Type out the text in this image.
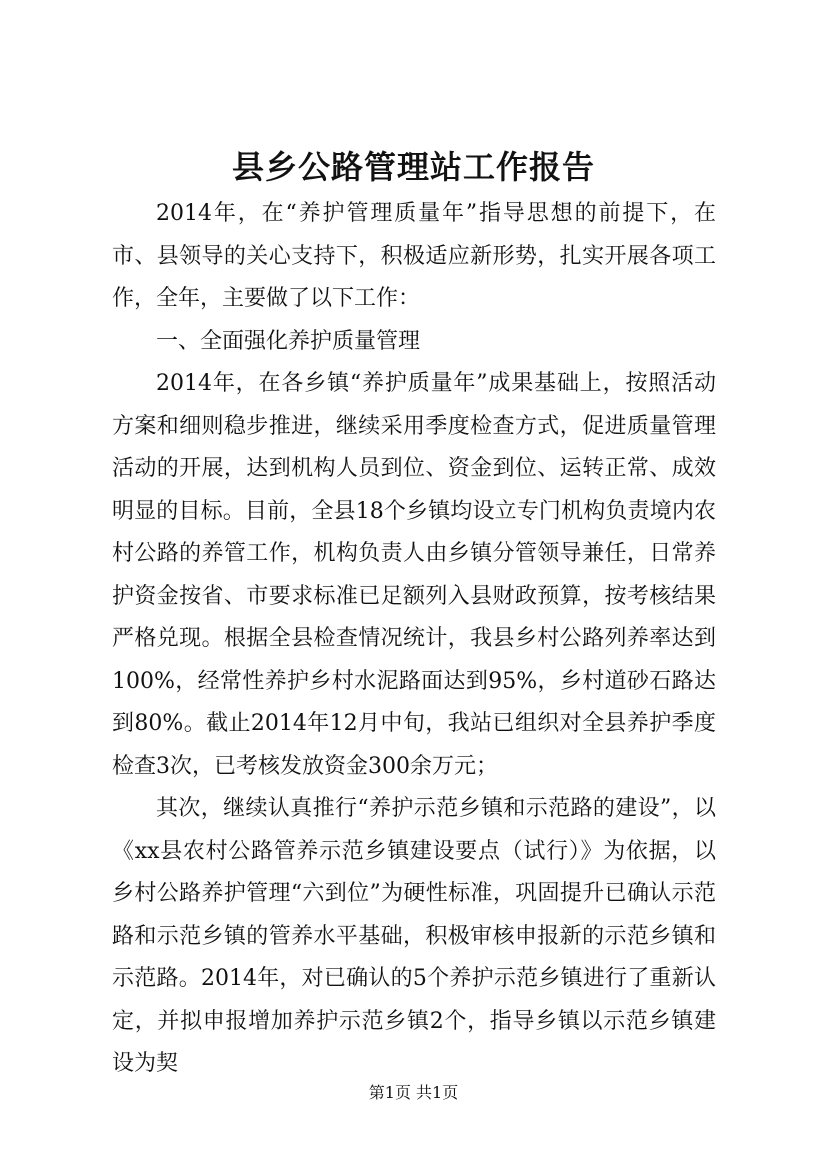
县乡公路管理站工作报告

2014年，在“养护管理质量年”指导思想的前提下，在市、县领导的关心支持下，积极适应新形势，扎实开展各项工作，全年，主要做了以下工作：

一、全面强化养护质量管理

2014年，在各乡镇“养护质量年”成果基础上，按照活动方案和细则稳步推进，继续采用季度检查方式，促进质量管理活动的开展，达到机构人员到位、资金到位、运转正常、成效明显的目标。目前，全县18个乡镇均设立专门机构负责境内农村公路的养管工作，机构负责人由乡镇分管领导兼任，日常养护资金按省、市要求标准已足额列入县财政预算，按考核结果严格兑现。根据全县检查情况统计，我县乡村公路列养率达到100%，经常性养护乡村水泥路面达到95%，乡村道砂石路达到80%。截止2014年12月中旬，我站已组织对全县养护季度检查3次，已考核发放资金300余万元；

其次，继续认真推行“养护示范乡镇和示范路的建设”，以《xx县农村公路管养示范乡镇建设要点（试行）》为依据，以乡村公路养护管理“六到位”为硬性标准，巩固提升已确认示范路和示范乡镇的管养水平基础，积极审核申报新的示范乡镇和示范路。2014年，对已确认的5个养护示范乡镇进行了重新认定，并拟申报增加养护示范乡镇2个，指导乡镇以示范乡镇建设为契

第1页 共1页
